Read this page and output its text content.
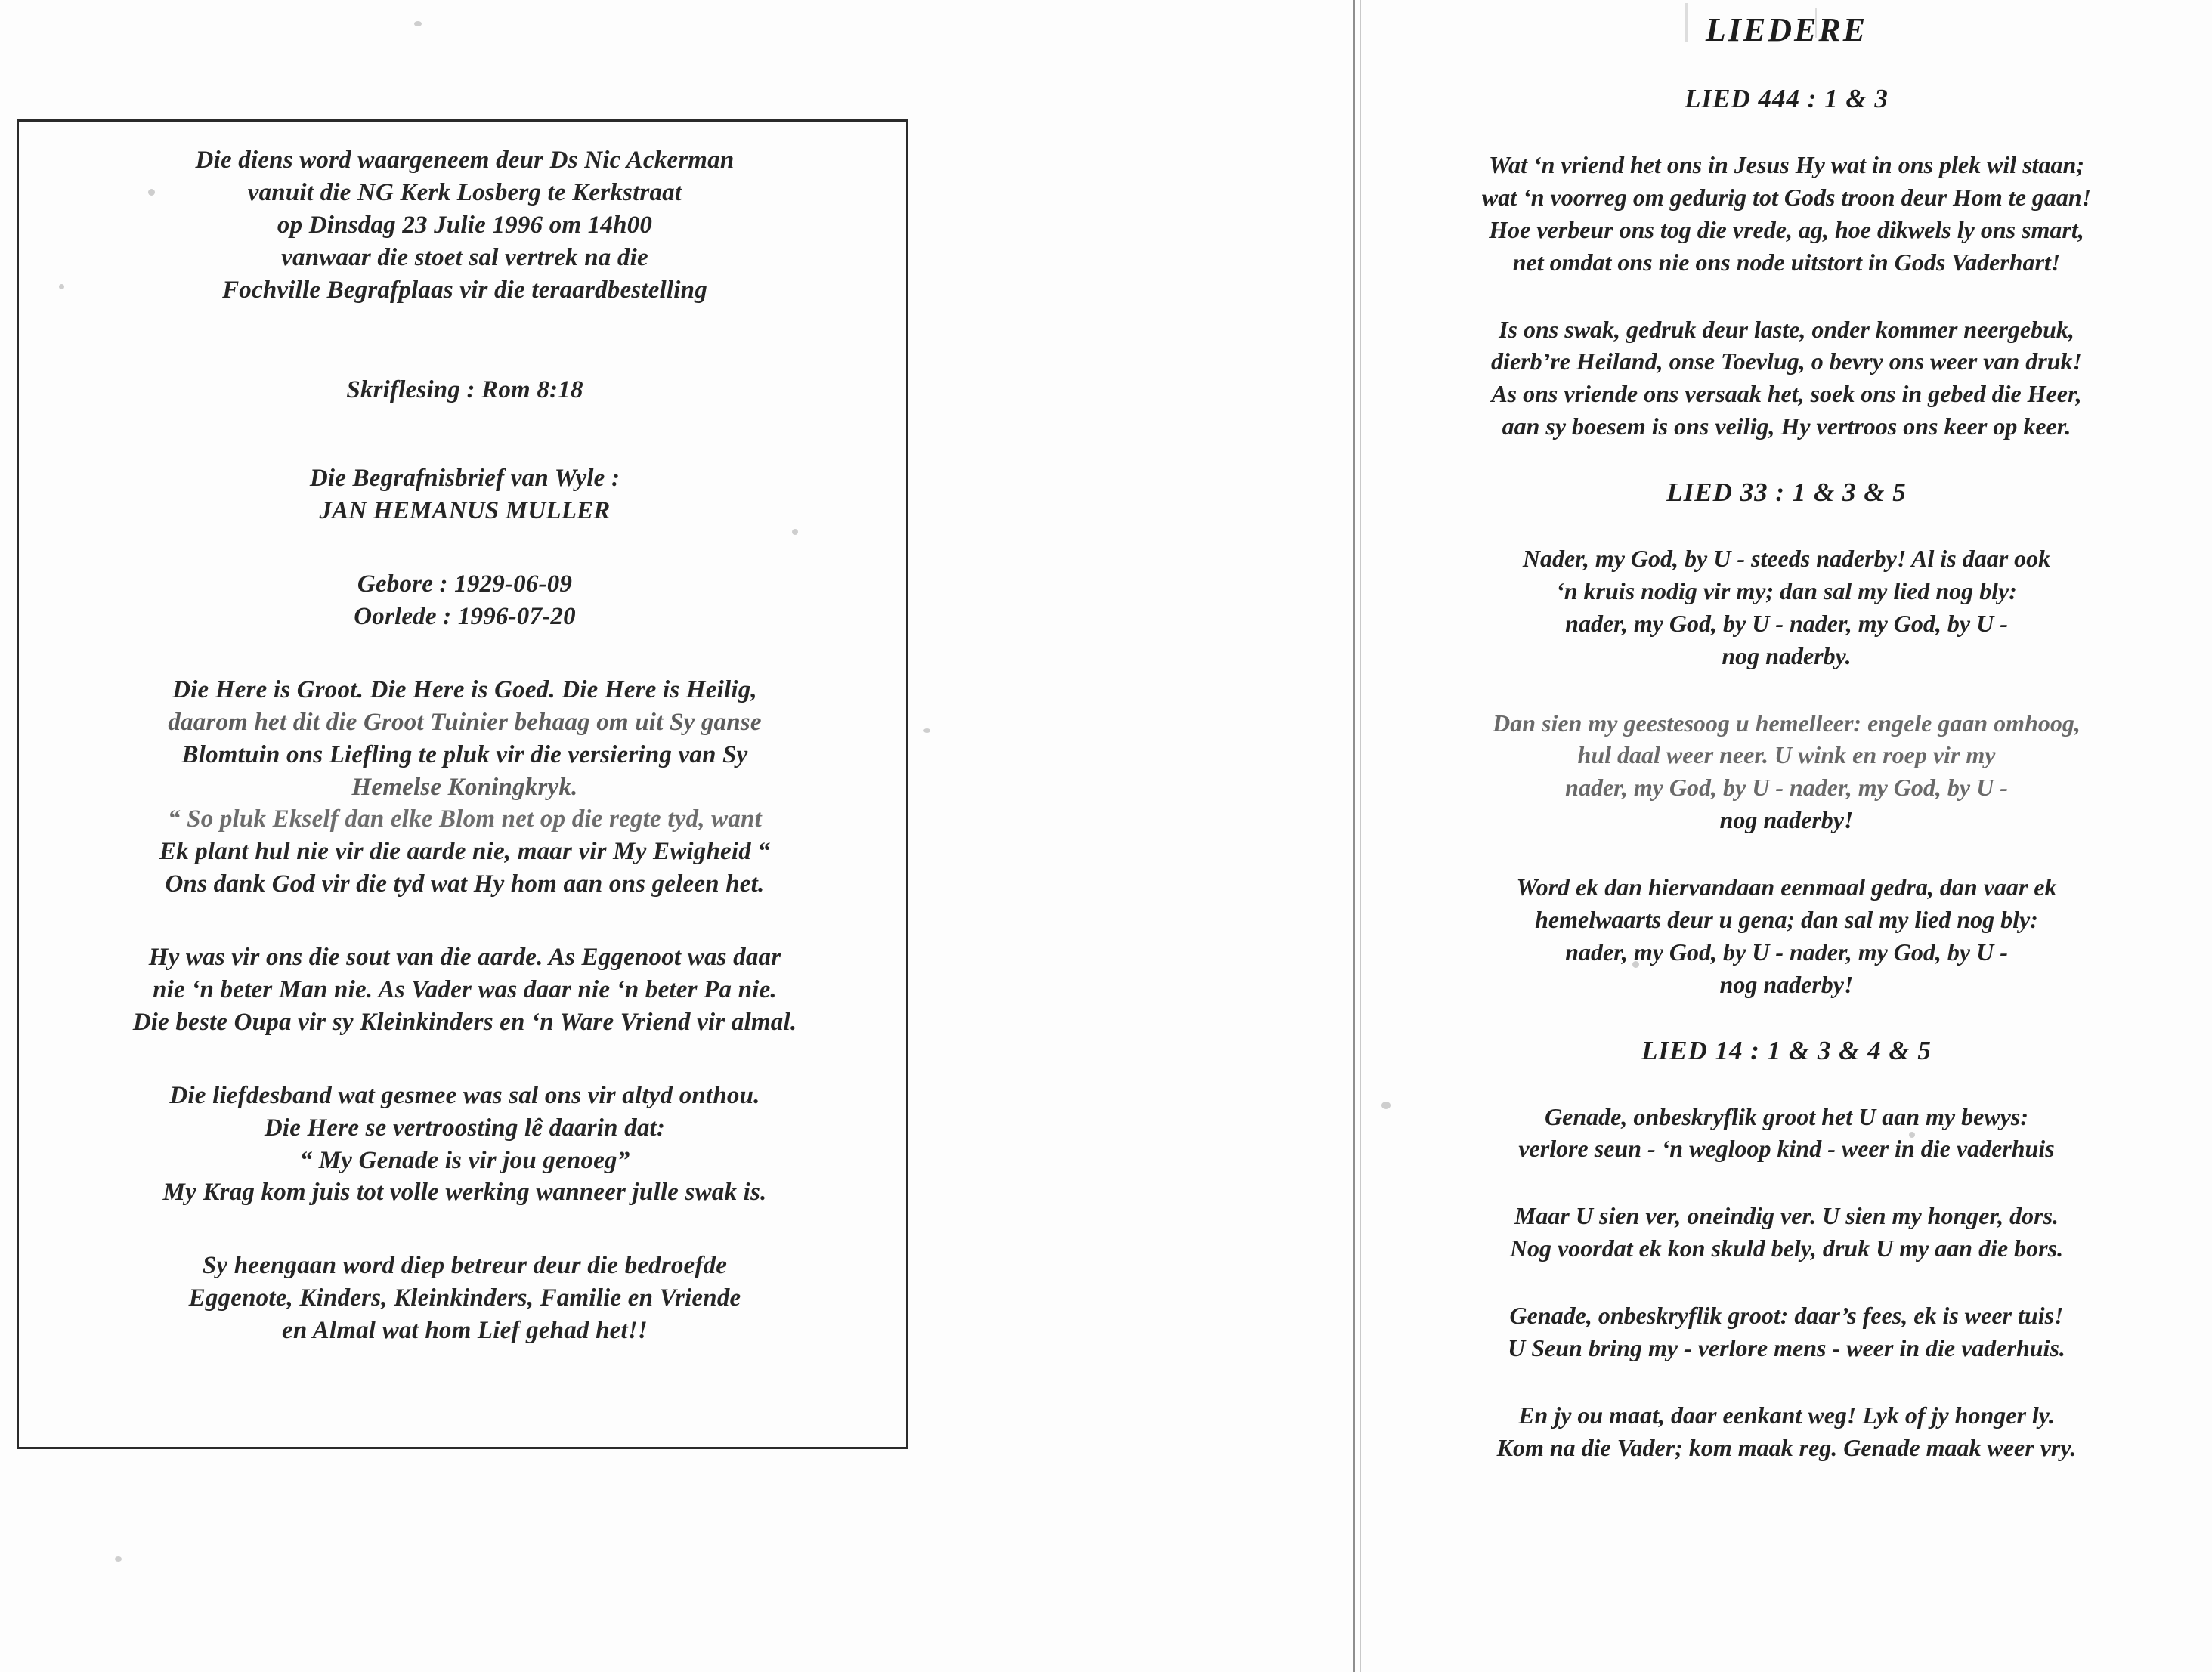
Die diens word waargeneem deur Ds Nic Ackerman
vanuit die NG Kerk Losberg te Kerkstraat
op Dinsdag 23 Julie 1996 om 14h00
vanwaar die stoet sal vertrek na die
Fochville Begrafplaas vir die teraardbestelling
Skriflesing : Rom 8:18
Die Begrafnisbrief van Wyle :
JAN HEMANUS MULLER
Gebore : 1929-06-09
Oorlede : 1996-07-20
Die Here is Groot. Die Here is Goed. Die Here is Heilig,
daarom het dit die Groot Tuinier behaag om uit Sy ganse
Blomtuin ons Liefling te pluk vir die versiering van Sy
Hemelse Koningkryk.
“ So pluk Ekself dan elke Blom net op die regte tyd, want
Ek plant hul nie vir die aarde nie, maar vir My Ewigheid “
Ons dank God vir die tyd wat Hy hom aan ons geleen het.
Hy was vir ons die sout van die aarde. As Eggenoot was daar
nie ‘n beter Man nie. As Vader was daar nie ‘n beter Pa nie.
Die beste Oupa vir sy Kleinkinders en ‘n Ware Vriend vir almal.
Die liefdesband wat gesmee was sal ons vir altyd onthou.
Die Here se vertroosting lê daarin dat:
“ My Genade is vir jou genoeg”
My Krag kom juis tot volle werking wanneer julle swak is.
Sy heengaan word diep betreur deur die bedroefde
Eggenote, Kinders, Kleinkinders, Familie en Vriende
en Almal wat hom Lief gehad het!!
LIEDERE
LIED 444 : 1 & 3
Wat ‘n vriend het ons in Jesus Hy wat in ons plek wil staan;
wat ‘n voorreg om gedurig tot Gods troon deur Hom te gaan!
Hoe verbeur ons tog die vrede, ag, hoe dikwels ly ons smart,
net omdat ons nie ons node uitstort in Gods Vaderhart!
Is ons swak, gedruk deur laste, onder kommer neergebuk,
dierb’re Heiland, onse Toevlug, o bevry ons weer van druk!
As ons vriende ons versaak het, soek ons in gebed die Heer,
aan sy boesem is ons veilig, Hy vertroos ons keer op keer.
LIED 33 : 1 & 3 & 5
Nader, my God, by U - steeds naderby! Al is daar ook
‘n kruis nodig vir my; dan sal my lied nog bly:
nader, my God, by U - nader, my God, by U -
nog naderby.
Dan sien my geestesoog u hemelleer: engele gaan omhoog,
hul daal weer neer. U wink en roep vir my
nader, my God, by U - nader, my God, by U -
nog naderby!
Word ek dan hiervandaan eenmaal gedra, dan vaar ek
hemelwaarts deur u gena; dan sal my lied nog bly:
nader, my God, by U - nader, my God, by U -
nog naderby!
LIED 14 : 1 & 3 & 4 & 5
Genade, onbeskryflik groot het U aan my bewys:
verlore seun - ‘n wegloop kind - weer in die vaderhuis
Maar U sien ver, oneindig ver. U sien my honger, dors.
Nog voordat ek kon skuld bely, druk U my aan die bors.
Genade, onbeskryflik groot: daar’s fees, ek is weer tuis!
U Seun bring my - verlore mens - weer in die vaderhuis.
En jy ou maat, daar eenkant weg! Lyk of jy honger ly.
Kom na die Vader; kom maak reg. Genade maak weer vry.
